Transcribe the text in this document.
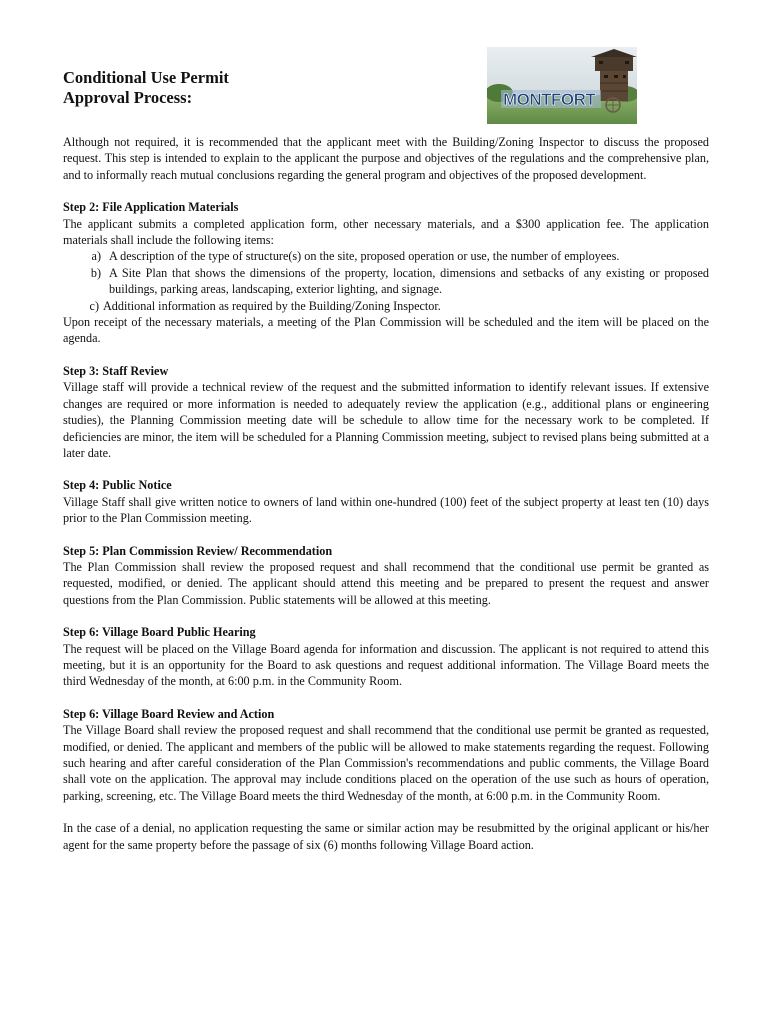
Conditional Use Permit
Approval Process:	MONTFORT

Although not required, it is recommended that the applicant meet with the Building/Zoning Inspector to discuss the proposed request. This step is intended to explain to the applicant the purpose and objectives of the regulations and the comprehensive plan, and to informally reach mutual conclusions regarding the general program and objectives of the proposed development.

Step 2: File Application Materials

The applicant submits a completed application form, other necessary materials, and a $300 application fee. The application materials shall include the following items:

a) A description of the type of structure(s) on the site, proposed operation or use, the number of employees.
b) A Site Plan that shows the dimensions of the property, location, dimensions and setbacks of any existing or proposed buildings, parking areas, landscaping, exterior lighting, and signage.
c) Additional information as required by the Building/Zoning Inspector.

Upon receipt of the necessary materials, a meeting of the Plan Commission will be scheduled and the item will be placed on the agenda.

Step 3: Staff Review

Village staff will provide a technical review of the request and the submitted information to identify relevant issues. If extensive changes are required or more information is needed to adequately review the application (e.g., additional plans or engineering studies), the Planning Commission meeting date will be schedule to allow time for the necessary work to be completed. If deficiencies are minor, the item will be scheduled for a Planning Commission meeting, subject to revised plans being submitted at a later date.

Step 4: Public Notice

Village Staff shall give written notice to owners of land within one-hundred (100) feet of the subject property at least ten (10) days prior to the Plan Commission meeting.

Step 5: Plan Commission Review/ Recommendation

The Plan Commission shall review the proposed request and shall recommend that the conditional use permit be granted as requested, modified, or denied. The applicant should attend this meeting and be prepared to present the request and answer questions from the Plan Commission. Public statements will be allowed at this meeting.

Step 6: Village Board Public Hearing

The request will be placed on the Village Board agenda for information and discussion. The applicant is not required to attend this meeting, but it is an opportunity for the Board to ask questions and request additional information. The Village Board meets the third Wednesday of the month, at 6:00 p.m. in the Community Room.

Step 6: Village Board Review and Action

The Village Board shall review the proposed request and shall recommend that the conditional use permit be granted as requested, modified, or denied. The applicant and members of the public will be allowed to make statements regarding the request. Following such hearing and after careful consideration of the Plan Commission's recommendations and public comments, the Village Board shall vote on the application. The approval may include conditions placed on the operation of the use such as hours of operation, parking, screening, etc. The Village Board meets the third Wednesday of the month, at 6:00 p.m. in the Community Room.

In the case of a denial, no application requesting the same or similar action may be resubmitted by the original applicant or his/her agent for the same property before the passage of six (6) months following Village Board action.
